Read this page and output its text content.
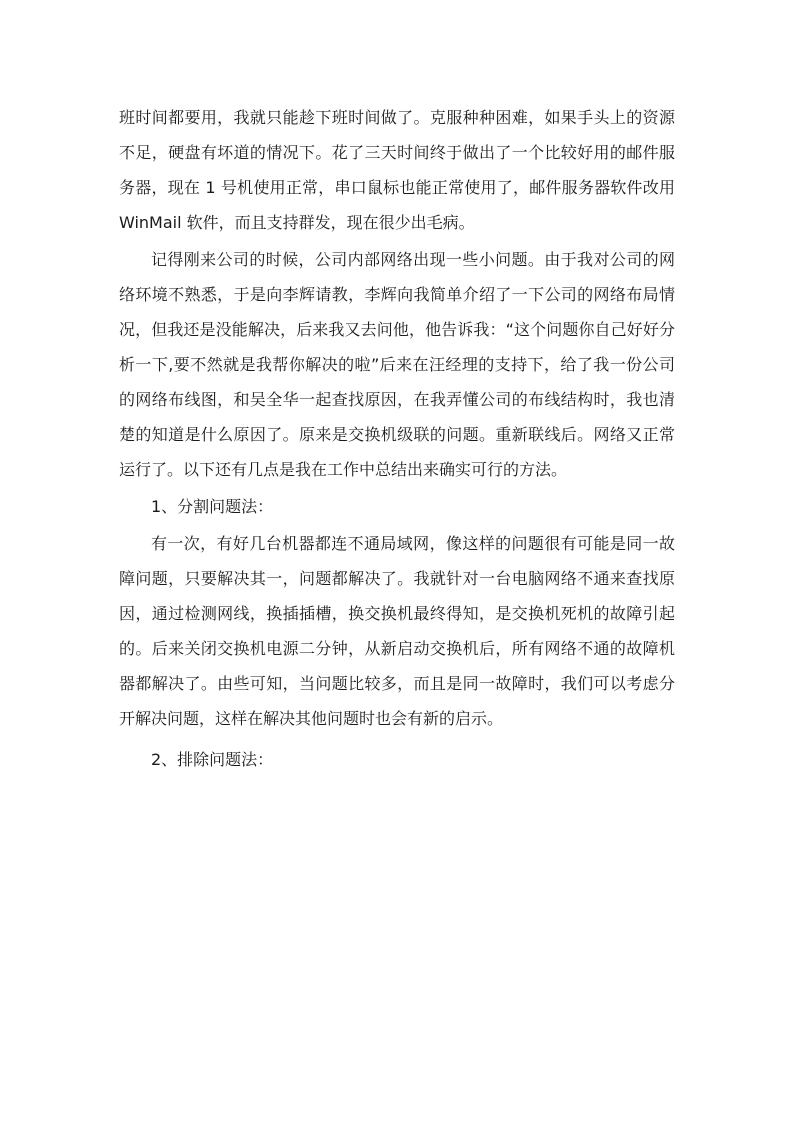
班时间都要用，我就只能趁下班时间做了。克服种种困难，如果手头上的资源不足，硬盘有坏道的情况下。花了三天时间终于做出了一个比较好用的邮件服务器，现在 1 号机使用正常，串口鼠标也能正常使用了，邮件服务器软件改用 WinMail 软件，而且支持群发，现在很少出毛病。

记得刚来公司的时候，公司内部网络出现一些小问题。由于我对公司的网络环境不熟悉，于是向李辉请教，李辉向我简单介绍了一下公司的网络布局情况，但我还是没能解决，后来我又去问他，他告诉我：“这个问题你自己好好分析一下,要不然就是我帮你解决的啦”后来在汪经理的支持下，给了我一份公司的网络布线图，和吴全华一起查找原因，在我弄懂公司的布线结构时，我也清楚的知道是什么原因了。原来是交换机级联的问题。重新联线后。网络又正常运行了。以下还有几点是我在工作中总结出来确实可行的方法。

1、分割问题法：

有一次，有好几台机器都连不通局域网，像这样的问题很有可能是同一故障问题，只要解决其一，问题都解决了。我就针对一台电脑网络不通来查找原因，通过检测网线，换插插槽，换交换机最终得知，是交换机死机的故障引起的。后来关闭交换机电源二分钟，从新启动交换机后，所有网络不通的故障机器都解决了。由些可知，当问题比较多，而且是同一故障时，我们可以考虑分开解决问题，这样在解决其他问题时也会有新的启示。

2、排除问题法：
